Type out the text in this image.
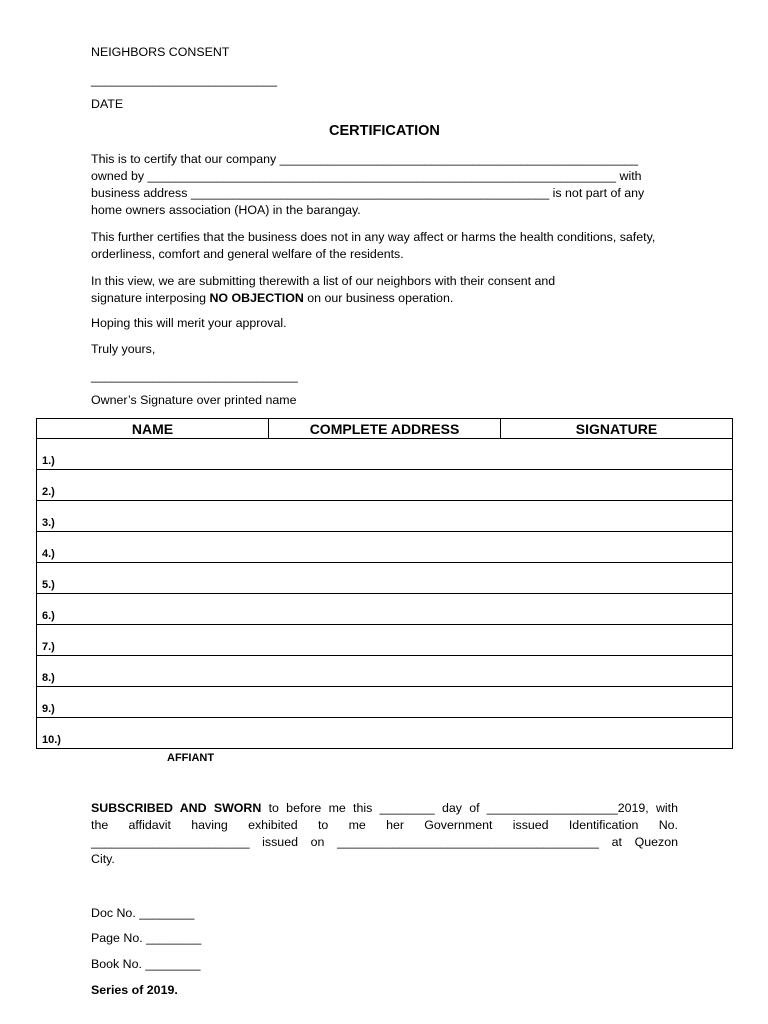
NEIGHBORS CONSENT
___________________________
DATE
CERTIFICATION
This is to certify that our company ____________________________________________________
owned by ____________________________________________________________________ with
business address ____________________________________________________ is not part of any
home owners association (HOA) in the barangay.
This further certifies that the business does not in any way affect or harms the health conditions, safety,
orderliness, comfort and general welfare of the residents.
In this view, we are submitting therewith a list of our neighbors with their consent and
signature interposing NO OBJECTION on our business operation.
Hoping this will merit your approval.
Truly yours,
______________________________
Owner’s Signature over printed name
NAME	COMPLETE ADDRESS	SIGNATURE
1.)		
2.)		
3.)		
4.)		
5.)		
6.)		
7.)		
8.)		
9.)		
10.)		
AFFIANT
SUBSCRIBED AND SWORN to before me this ________ day of ___________________2019, with
the affidavit having exhibited to me her Government issued Identification No.
_______________________ issued on ______________________________________ at Quezon
City.
Doc No. ________
Page No. ________
Book No. ________
Series of 2019.
